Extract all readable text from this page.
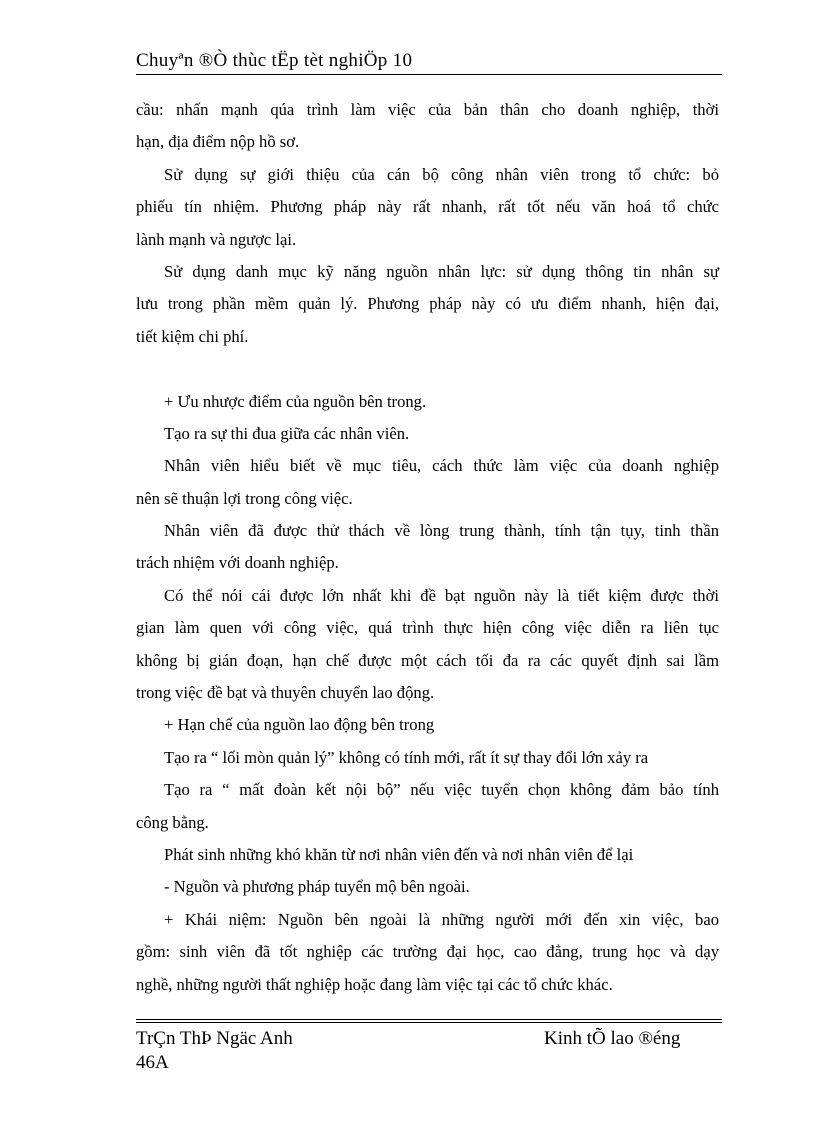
Chuyªn ®Ò thùc tËp tèt nghiÖp 10
cầu: nhấn mạnh qúa trình làm việc của bản thân cho doanh nghiệp, thời
hạn, địa điểm nộp hồ sơ.
Sử dụng sự giới thiệu của cán bộ công nhân viên trong tổ chức: bỏ
phiếu tín nhiệm. Phương pháp này rất nhanh, rất tốt nếu văn hoá tổ chức
lành mạnh và ngược lại.
Sử dụng danh mục kỹ năng nguồn nhân lực: sử dụng thông tin nhân sự
lưu trong phần mềm quản lý. Phương pháp này có ưu điểm nhanh, hiện đại,
tiết kiệm chi phí.
+ Ưu nhược điểm của nguồn bên trong.
Tạo ra sự thi đua giữa các nhân viên.
Nhân viên hiểu biết về mục tiêu, cách thức làm việc của doanh nghiệp
nên sẽ thuận lợi trong công việc.
Nhân viên đã được thử thách về lòng trung thành, tính tận tụy, tinh thần
trách nhiệm với doanh nghiệp.
Có thể nói cái được lớn nhất khi đề bạt nguồn này là tiết kiệm được thời
gian làm quen với công việc, quá trình thực hiện công việc diễn ra liên tục
không bị gián đoạn, hạn chế được một cách tối đa ra các quyết định sai lầm
trong việc đề bạt và thuyên chuyển lao động.
+ Hạn chế của nguồn lao động bên trong
Tạo ra “ lối mòn quản lý” không có tính mới, rất ít sự thay đổi lớn xảy ra
Tạo ra “ mất đoàn kết nội bộ” nếu việc tuyển chọn không đảm bảo tính
công bằng.
Phát sinh những khó khăn từ nơi nhân viên đến và nơi nhân viên để lại
- Nguồn và phương pháp tuyển mộ bên ngoài.
+ Khái niệm: Nguồn bên ngoài là những người mới đến xin việc, bao
gồm: sinh viên đã tốt nghiệp các trường đại học, cao đẳng, trung học và dạy
nghề, những người thất nghiệp hoặc đang làm việc tại các tổ chức khác.
TrÇn ThÞ Ngäc Anh
46A
Kinh tÕ lao ®éng
